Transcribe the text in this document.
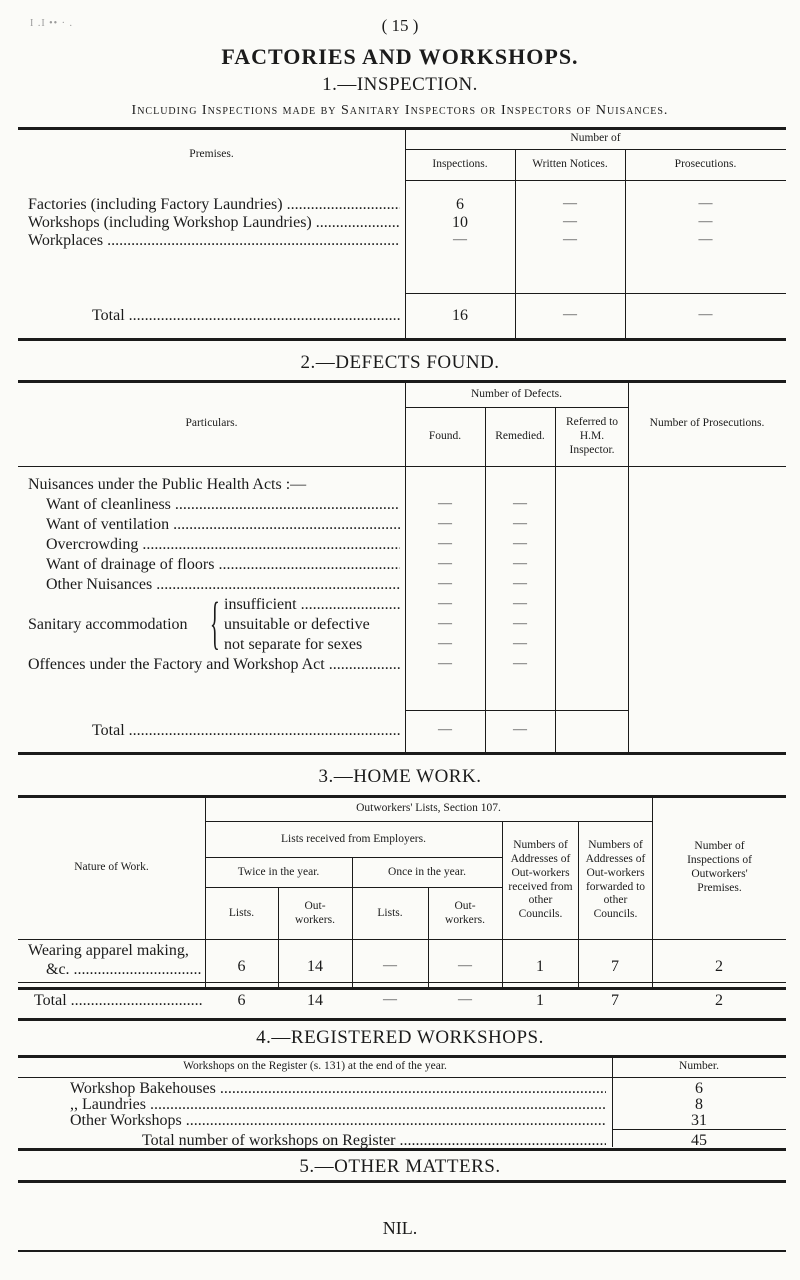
I .I •• · .	( 15 )
FACTORIES AND WORKSHOPS.
1.—INSPECTION.
Including Inspections made by Sanitary Inspectors or Inspectors of Nuisances.
Premises.
Number of
Inspections.	Written Notices.	Prosecutions.
Factories (including Factory Laundries) .....	6	—	—
Workshops (including Workshop Laundries) .....	10	—	—
Workplaces .....	—	—	—
Total .....	16	—	—
2.—DEFECTS FOUND.
Particulars.
Number of Defects.
Found.	Remedied.
Referred to H.M. Inspector.
Number of Prosecutions.
Nuisances under the Public Health Acts :—
Want of cleanliness .....	—	—
Want of ventilation .....	—	—
Overcrowding .....	—	—
Want of drainage of floors .....	—	—
Other Nuisances .....	—	—
Sanitary accommodation { insufficient .....	—	—
unsuitable or defective	—	—
not separate for sexes	—	—
Offences under the Factory and Workshop Act .....	—	—
Total .....	—	—
3.—HOME WORK.
Nature of Work.
Outworkers' Lists, Section 107.
Lists received from Employers.
Twice in the year.	Once in the year.
Lists.
Out-workers.
Lists.
Out-workers.
Numbers of Addresses of Out-workers received from other Councils.
Numbers of Addresses of Out-workers forwarded to other Councils.
Number of Inspections of Outworkers' Premises.
Wearing apparel making,
&c. .....	6	14	—	—	1	7	2
Total .....	6	14	—	—	1	7	2
4.—REGISTERED WORKSHOPS.
Workshops on the Register (s. 131) at the end of the year.	Number.
Workshop Bakehouses .....	6
,, Laundries .....	8
Other Workshops .....	31
Total number of workshops on Register .....	45
5.—OTHER MATTERS.
NIL.
